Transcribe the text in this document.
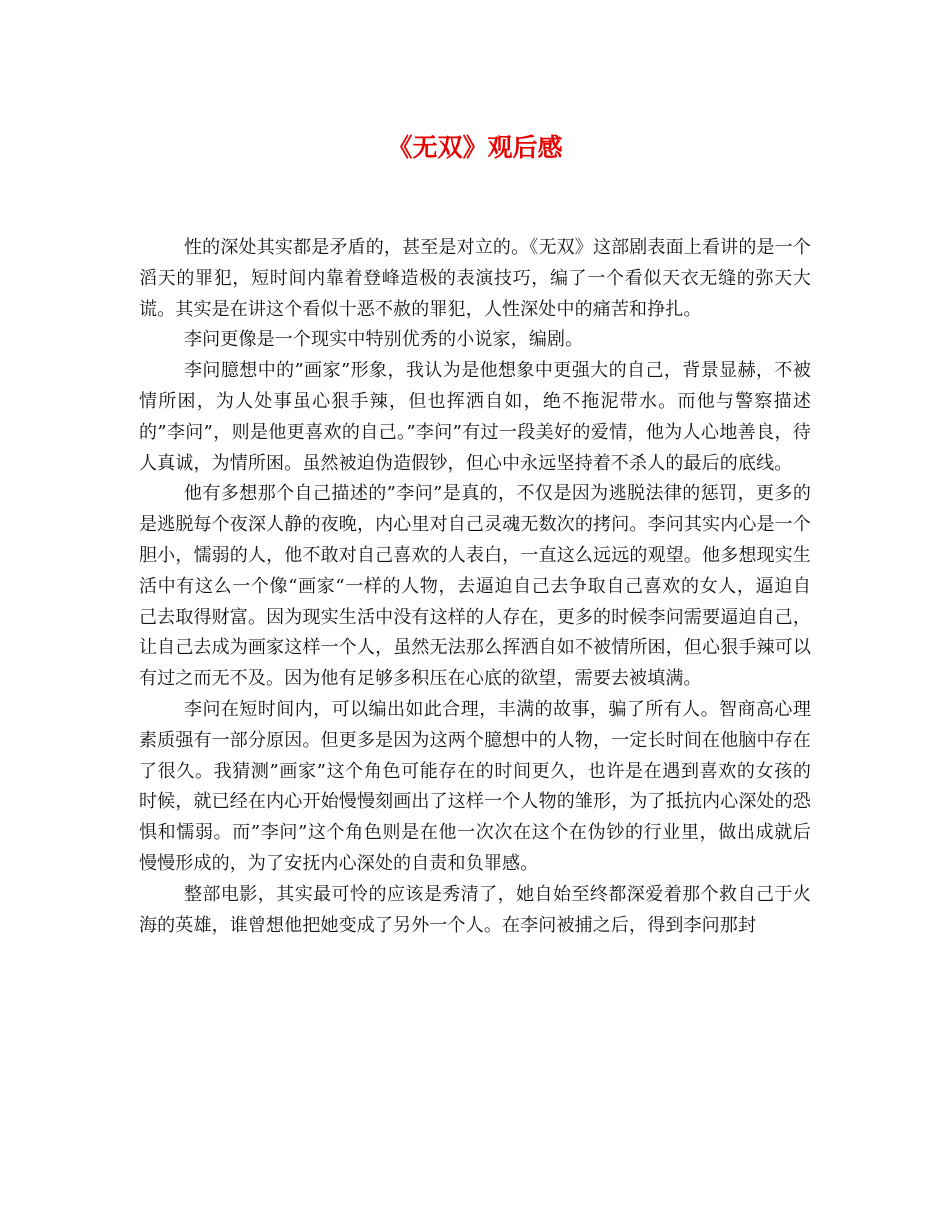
《无双》观后感

性的深处其实都是矛盾的，甚至是对立的。《无双》这部剧表面上看讲的是一个滔天的罪犯，短时间内靠着登峰造极的表演技巧，编了一个看似天衣无缝的弥天大谎。其实是在讲这个看似十恶不赦的罪犯，人性深处中的痛苦和挣扎。

李问更像是一个现实中特别优秀的小说家，编剧。

李问臆想中的”画家”形象，我认为是他想象中更强大的自己，背景显赫，不被情所困，为人处事虽心狠手辣，但也挥洒自如，绝不拖泥带水。而他与警察描述的”李问”，则是他更喜欢的自己。”李问”有过一段美好的爱情，他为人心地善良，待人真诚，为情所困。虽然被迫伪造假钞，但心中永远坚持着不杀人的最后的底线。

他有多想那个自己描述的”李问”是真的，不仅是因为逃脱法律的惩罚，更多的是逃脱每个夜深人静的夜晚，内心里对自己灵魂无数次的拷问。李问其实内心是一个胆小，懦弱的人，他不敢对自己喜欢的人表白，一直这么远远的观望。他多想现实生活中有这么一个像“画家“一样的人物，去逼迫自己去争取自己喜欢的女人，逼迫自己去取得财富。因为现实生活中没有这样的人存在，更多的时候李问需要逼迫自己，让自己去成为画家这样一个人，虽然无法那么挥洒自如不被情所困，但心狠手辣可以有过之而无不及。因为他有足够多积压在心底的欲望，需要去被填满。

李问在短时间内，可以编出如此合理，丰满的故事，骗了所有人。智商高心理素质强有一部分原因。但更多是因为这两个臆想中的人物，一定长时间在他脑中存在了很久。我猜测”画家”这个角色可能存在的时间更久，也许是在遇到喜欢的女孩的时候，就已经在内心开始慢慢刻画出了这样一个人物的雏形，为了抵抗内心深处的恐惧和懦弱。而”李问”这个角色则是在他一次次在这个在伪钞的行业里，做出成就后慢慢形成的，为了安抚内心深处的自责和负罪感。

整部电影，其实最可怜的应该是秀清了，她自始至终都深爱着那个救自己于火海的英雄，谁曾想他把她变成了另外一个人。在李问被捕之后，得到李问那封
